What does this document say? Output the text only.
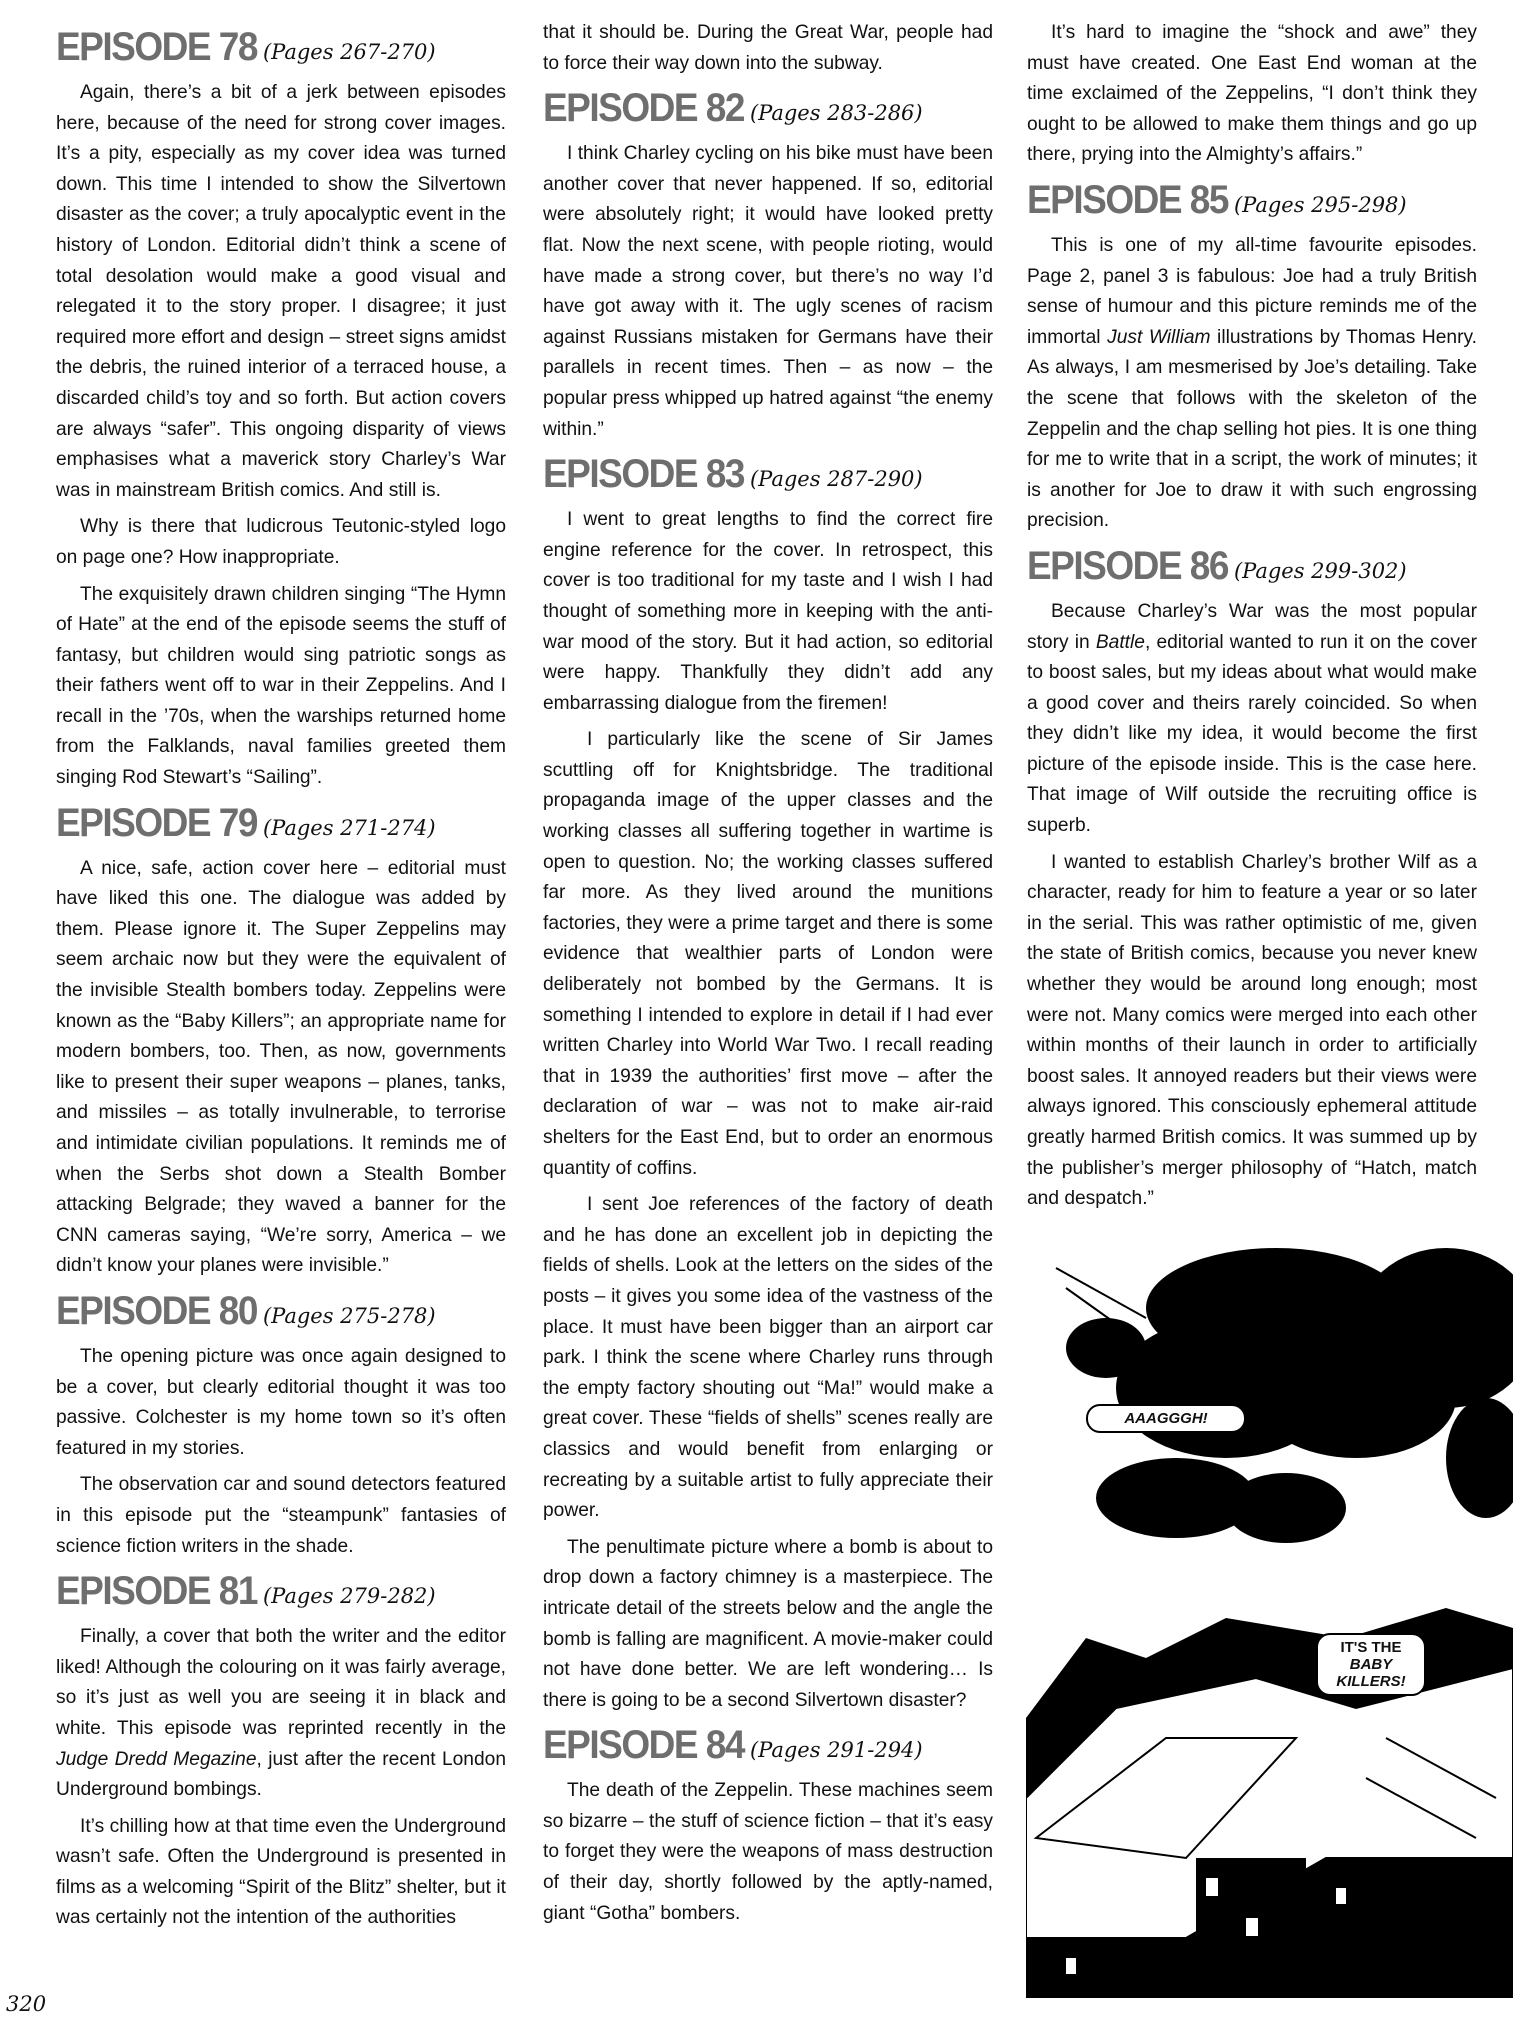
EPISODE 78 (Pages 267-270)

Again, there’s a bit of a jerk between episodes here, because of the need for strong cover images. It’s a pity, especially as my cover idea was turned down. This time I intended to show the Silvertown disaster as the cover; a truly apocalyptic event in the history of London. Editorial didn’t think a scene of total desolation would make a good visual and relegated it to the story proper. I disagree; it just required more effort and design – street signs amidst the debris, the ruined interior of a terraced house, a discarded child’s toy and so forth. But action covers are always “safer”. This ongoing disparity of views emphasises what a maverick story Charley’s War was in mainstream British comics. And still is.

Why is there that ludicrous Teutonic-styled logo on page one? How inappropriate.

The exquisitely drawn children singing “The Hymn of Hate” at the end of the episode seems the stuff of fantasy, but children would sing patriotic songs as their fathers went off to war in their Zeppelins. And I recall in the ’70s, when the warships returned home from the Falklands, naval families greeted them singing Rod Stewart’s “Sailing”.

EPISODE 79 (Pages 271-274)

A nice, safe, action cover here – editorial must have liked this one. The dialogue was added by them. Please ignore it. The Super Zeppelins may seem archaic now but they were the equivalent of the invisible Stealth bombers today. Zeppelins were known as the “Baby Killers”; an appropriate name for modern bombers, too. Then, as now, governments like to present their super weapons – planes, tanks, and missiles – as totally invulnerable, to terrorise and intimidate civilian populations. It reminds me of when the Serbs shot down a Stealth Bomber attacking Belgrade; they waved a banner for the CNN cameras saying, “We’re sorry, America – we didn’t know your planes were invisible.”

EPISODE 80 (Pages 275-278)

The opening picture was once again designed to be a cover, but clearly editorial thought it was too passive. Colchester is my home town so it’s often featured in my stories.

The observation car and sound detectors featured in this episode put the “steampunk” fantasies of science fiction writers in the shade.

EPISODE 81 (Pages 279-282)

Finally, a cover that both the writer and the editor liked! Although the colouring on it was fairly average, so it’s just as well you are seeing it in black and white. This episode was reprinted recently in the Judge Dredd Megazine, just after the recent London Underground bombings.

It’s chilling how at that time even the Underground wasn’t safe. Often the Underground is presented in films as a welcoming “Spirit of the Blitz” shelter, but it was certainly not the intention of the authorities

that it should be. During the Great War, people had to force their way down into the subway.

EPISODE 82 (Pages 283-286)

I think Charley cycling on his bike must have been another cover that never happened. If so, editorial were absolutely right; it would have looked pretty flat. Now the next scene, with people rioting, would have made a strong cover, but there’s no way I’d have got away with it. The ugly scenes of racism against Russians mistaken for Germans have their parallels in recent times. Then – as now – the popular press whipped up hatred against “the enemy within.”

EPISODE 83 (Pages 287-290)

I went to great lengths to find the correct fire engine reference for the cover. In retrospect, this cover is too traditional for my taste and I wish I had thought of something more in keeping with the anti-war mood of the story. But it had action, so editorial were happy. Thankfully they didn’t add any embarrassing dialogue from the firemen!

I particularly like the scene of Sir James scuttling off for Knightsbridge. The traditional propaganda image of the upper classes and the working classes all suffering together in wartime is open to question. No; the working classes suffered far more. As they lived around the munitions factories, they were a prime target and there is some evidence that wealthier parts of London were deliberately not bombed by the Germans. It is something I intended to explore in detail if I had ever written Charley into World War Two. I recall reading that in 1939 the authorities’ first move – after the declaration of war – was not to make air-raid shelters for the East End, but to order an enormous quantity of coffins.

I sent Joe references of the factory of death and he has done an excellent job in depicting the fields of shells. Look at the letters on the sides of the posts – it gives you some idea of the vastness of the place. It must have been bigger than an airport car park. I think the scene where Charley runs through the empty factory shouting out “Ma!” would make a great cover. These “fields of shells” scenes really are classics and would benefit from enlarging or recreating by a suitable artist to fully appreciate their power.

The penultimate picture where a bomb is about to drop down a factory chimney is a masterpiece. The intricate detail of the streets below and the angle the bomb is falling are magnificent. A movie-maker could not have done better. We are left wondering… Is there is going to be a second Silvertown disaster?

EPISODE 84 (Pages 291-294)

The death of the Zeppelin. These machines seem so bizarre – the stuff of science fiction – that it’s easy to forget they were the weapons of mass destruction of their day, shortly followed by the aptly-named, giant “Gotha” bombers.

It’s hard to imagine the “shock and awe” they must have created. One East End woman at the time exclaimed of the Zeppelins, “I don’t think they ought to be allowed to make them things and go up there, prying into the Almighty’s affairs.”

EPISODE 85 (Pages 295-298)

This is one of my all-time favourite episodes. Page 2, panel 3 is fabulous: Joe had a truly British sense of humour and this picture reminds me of the immortal Just William illustrations by Thomas Henry. As always, I am mesmerised by Joe’s detailing. Take the scene that follows with the skeleton of the Zeppelin and the chap selling hot pies. It is one thing for me to write that in a script, the work of minutes; it is another for Joe to draw it with such engrossing precision.

EPISODE 86 (Pages 299-302)

Because Charley’s War was the most popular story in Battle, editorial wanted to run it on the cover to boost sales, but my ideas about what would make a good cover and theirs rarely coincided. So when they didn’t like my idea, it would become the first picture of the episode inside. This is the case here. That image of Wilf outside the recruiting office is superb.

I wanted to establish Charley’s brother Wilf as a character, ready for him to feature a year or so later in the serial. This was rather optimistic of me, given the state of British comics, because you never knew whether they would be around long enough; most were not. Many comics were merged into each other within months of their launch in order to artificially boost sales. It annoyed readers but their views were always ignored. This consciously ephemeral attitude greatly harmed British comics. It was summed up by the publisher’s merger philosophy of “Hatch, match and despatch.”

AAAGGGH!
IT'S THE
BABY
KILLERS!
320
